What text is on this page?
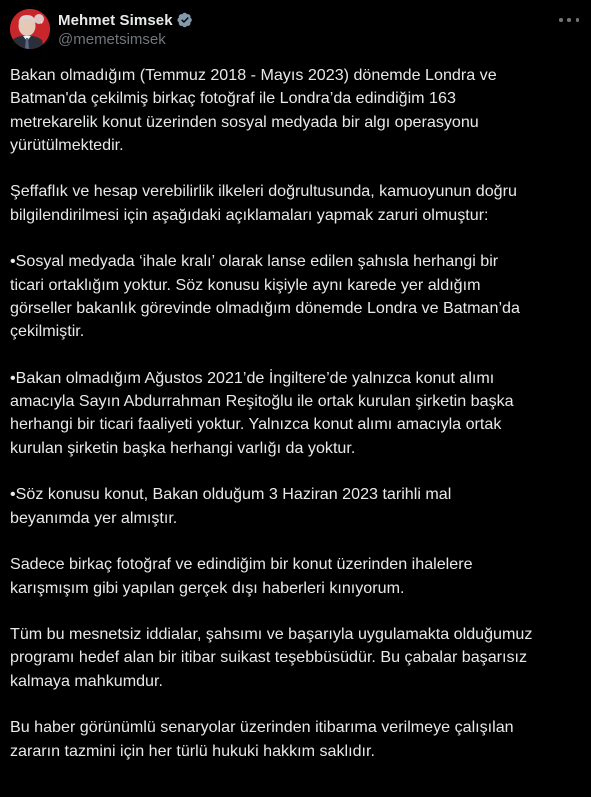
Mehmet Simsek
@memetsimsek

Bakan olmadığım (Temmuz 2018 - Mayıs 2023) dönemde Londra ve
Batman'da çekilmiş birkaç fotoğraf ile Londra’da edindiğim 163
metrekarelik konut üzerinden sosyal medyada bir algı operasyonu
yürütülmektedir.

Şeffaflık ve hesap verebilirlik ilkeleri doğrultusunda, kamuoyunun doğru
bilgilendirilmesi için aşağıdaki açıklamaları yapmak zaruri olmuştur:

•Sosyal medyada ‘ihale kralı’ olarak lanse edilen şahısla herhangi bir
ticari ortaklığım yoktur. Söz konusu kişiyle aynı karede yer aldığım
görseller bakanlık görevinde olmadığım dönemde Londra ve Batman’da
çekilmiştir.

•Bakan olmadığım Ağustos 2021’de İngiltere’de yalnızca konut alımı
amacıyla Sayın Abdurrahman Reşitoğlu ile ortak kurulan şirketin başka
herhangi bir ticari faaliyeti yoktur. Yalnızca konut alımı amacıyla ortak
kurulan şirketin başka herhangi varlığı da yoktur.

•Söz konusu konut, Bakan olduğum 3 Haziran 2023 tarihli mal
beyanımda yer almıştır.

Sadece birkaç fotoğraf ve edindiğim bir konut üzerinden ihalelere
karışmışım gibi yapılan gerçek dışı haberleri kınıyorum.

Tüm bu mesnetsiz iddialar, şahsımı ve başarıyla uygulamakta olduğumuz
programı hedef alan bir itibar suikast teşebbüsüdür. Bu çabalar başarısız
kalmaya mahkumdur.

Bu haber görünümlü senaryolar üzerinden itibarıma verilmeye çalışılan
zararın tazmini için her türlü hukuki hakkım saklıdır.
